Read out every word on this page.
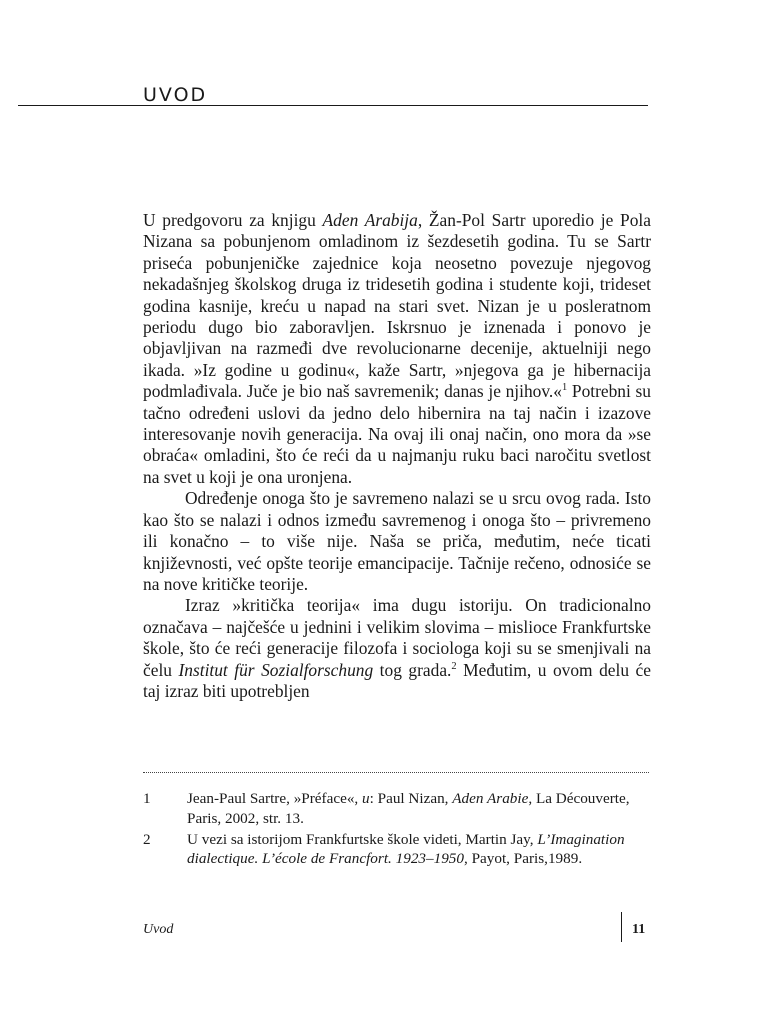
UVOD

U predgovoru za knjigu Aden Arabija, Žan-Pol Sartr uporedio je Pola Nizana sa pobunjenom omladinom iz šezdesetih godina. Tu se Sartr priseća pobunjeničke zajednice koja neosetno povezuje njegovog nekadašnjeg školskog druga iz tridesetih godina i studente koji, trideset godina kasnije, kreću u napad na stari svet. Nizan je u posleratnom periodu dugo bio zaboravljen. Iskrsnuo je iznenada i ponovo je objavljivan na razmeđi dve revolucionarne decenije, aktuelniji nego ikada. »Iz godine u godinu«, kaže Sartr, »njegova ga je hibernacija podmlađivala. Juče je bio naš savremenik; danas je njihov.«$^1$ Potrebni su tačno određeni uslovi da jedno delo hibernira na taj način i izazove interesovanje novih generacija. Na ovaj ili onaj način, ono mora da »se obraća« omladini, što će reći da u najmanju ruku baci naročitu svetlost na svet u koji je ona uronjena.

Određenje onoga što je savremeno nalazi se u srcu ovog rada. Isto kao što se nalazi i odnos između savremenog i onoga što – privremeno ili konačno – to više nije. Naša se priča, međutim, neće ticati književnosti, već opšte teorije emancipacije. Tačnije rečeno, odnosiće se na nove kritičke teorije.

Izraz »kritička teorija« ima dugu istoriju. On tradicionalno označava – najčešće u jednini i velikim slovima – mislioce Frankfurtske škole, što će reći generacije filozofa i sociologa koji su se smenjivali na čelu Institut für Sozialforschung tog grada.$^2$ Međutim, u ovom delu će taj izraz biti upotrebljen

1	Jean-Paul Sartre, »Préface«, u: Paul Nizan, Aden Arabie, La Découverte, Paris, 2002, str. 13.
2	U vezi sa istorijom Frankfurtske škole videti, Martin Jay, L’Imagination dialectique. L’école de Francfort. 1923–1950, Payot, Paris,1989.
Uvod	11
